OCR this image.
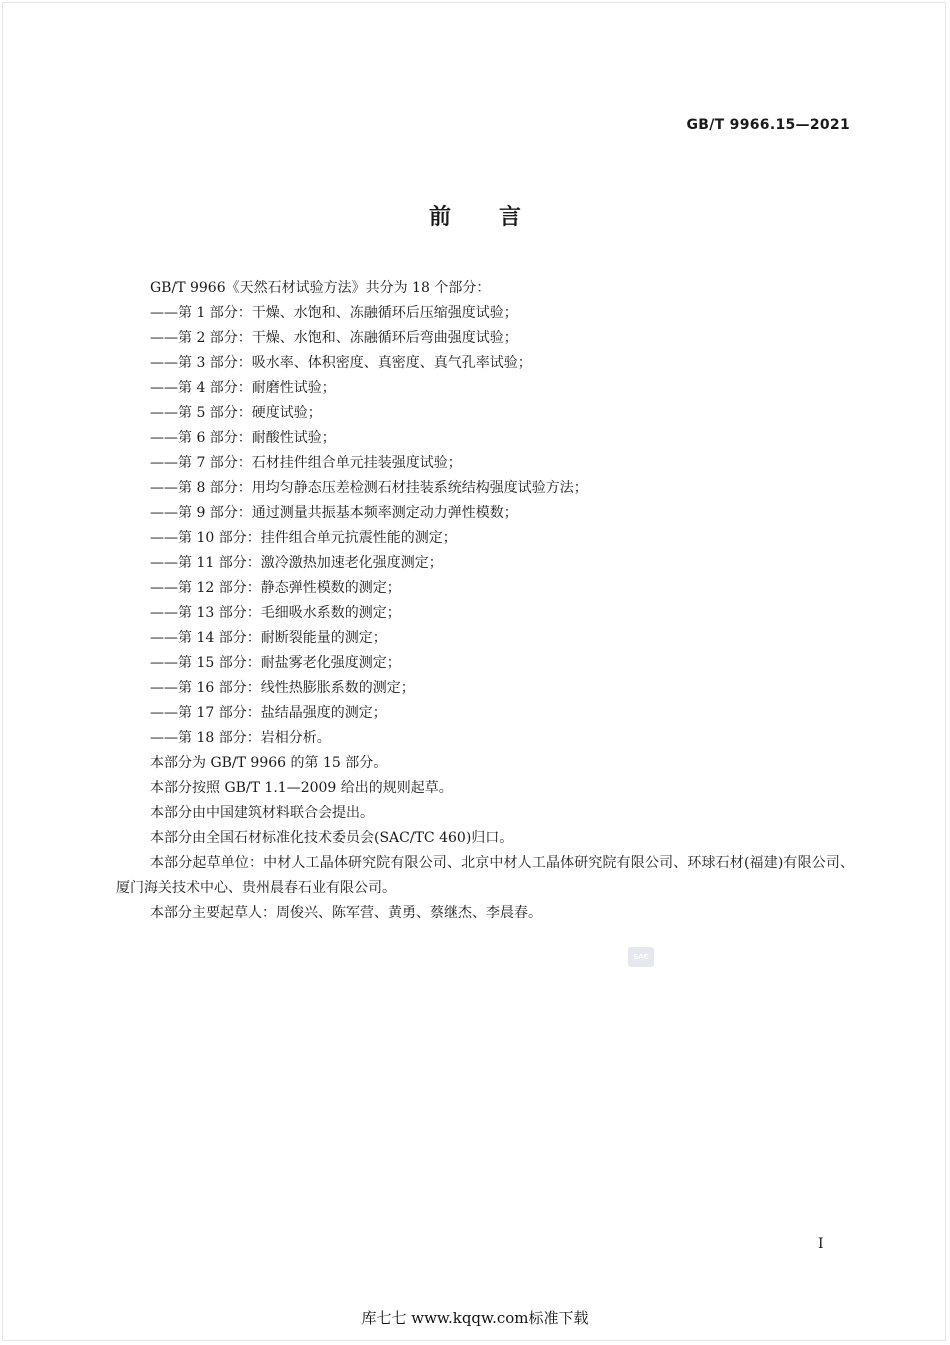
GB/T 9966.15—2021
前言
GB/T 9966《天然石材试验方法》共分为 18 个部分：
——第 1 部分：干燥、水饱和、冻融循环后压缩强度试验；
——第 2 部分：干燥、水饱和、冻融循环后弯曲强度试验；
——第 3 部分：吸水率、体积密度、真密度、真气孔率试验；
——第 4 部分：耐磨性试验；
——第 5 部分：硬度试验；
——第 6 部分：耐酸性试验；
——第 7 部分：石材挂件组合单元挂装强度试验；
——第 8 部分：用均匀静态压差检测石材挂装系统结构强度试验方法；
——第 9 部分：通过测量共振基本频率测定动力弹性模数；
——第 10 部分：挂件组合单元抗震性能的测定；
——第 11 部分：激冷激热加速老化强度测定；
——第 12 部分：静态弹性模数的测定；
——第 13 部分：毛细吸水系数的测定；
——第 14 部分：耐断裂能量的测定；
——第 15 部分：耐盐雾老化强度测定；
——第 16 部分：线性热膨胀系数的测定；
——第 17 部分：盐结晶强度的测定；
——第 18 部分：岩相分析。
本部分为 GB/T 9966 的第 15 部分。
本部分按照 GB/T 1.1—2009 给出的规则起草。
本部分由中国建筑材料联合会提出。
本部分由全国石材标准化技术委员会(SAC/TC 460)归口。
本部分起草单位：中材人工晶体研究院有限公司、北京中材人工晶体研究院有限公司、环球石材(福建)有限公司、厦门海关技术中心、贵州晨春石业有限公司。
本部分主要起草人：周俊兴、陈军营、黄勇、蔡继杰、李晨春。
SAC
I
库七七 www.kqqw.com标准下载
